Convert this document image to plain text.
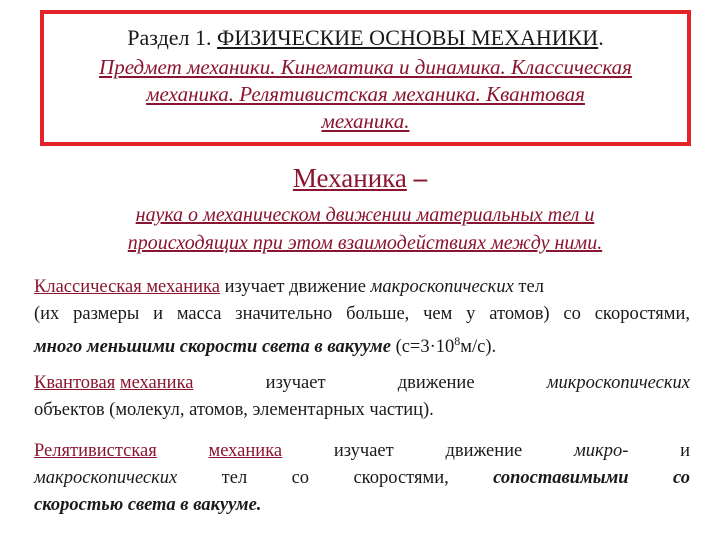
Раздел 1. ФИЗИЧЕСКИЕ ОСНОВЫ МЕХАНИКИ.
Предмет механики. Кинематика и динамика. Классическая
механика. Релятивистская механика. Квантовая
механика.
Механика –
наука о механическом движении материальных тел и
происходящих при этом взаимодействиях между ними.
Классическая механика изучает движение макроскопических тел
(их размеры и масса значительно больше, чем у атомов) со скоростями,
много меньшими скорости света в вакууме $(с=3\cdot 10^8м/с)$.
Квантовая механика	изучает	движение	микроскопических
объектов (молекул, атомов, элементарных частиц).
Релятивистская	механика	изучает	движение	микро-	и
макроскопических тел со скоростями, сопоставимыми со
скоростью света в вакууме.
